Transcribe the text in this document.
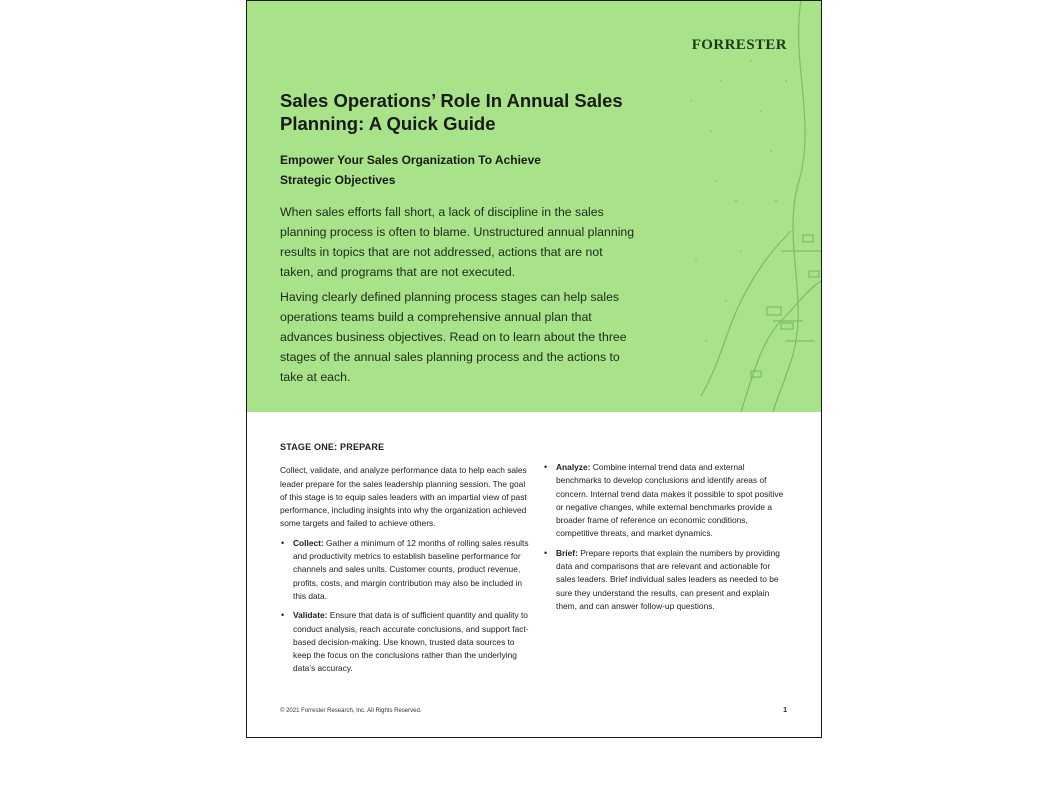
FORRESTER
Sales Operations’ Role In Annual Sales Planning: A Quick Guide
Empower Your Sales Organization To Achieve Strategic Objectives

When sales efforts fall short, a lack of discipline in the sales planning process is often to blame. Unstructured annual planning results in topics that are not addressed, actions that are not taken, and programs that are not executed.

Having clearly defined planning process stages can help sales operations teams build a comprehensive annual plan that advances business objectives. Read on to learn about the three stages of the annual sales planning process and the actions to take at each.

STAGE ONE: PREPARE

Collect, validate, and analyze performance data to help each sales leader prepare for the sales leadership planning session. The goal of this stage is to equip sales leaders with an impartial view of past performance, including insights into why the organization achieved some targets and failed to achieve others.

• Collect: Gather a minimum of 12 months of rolling sales results and productivity metrics to establish baseline performance for channels and sales units. Customer counts, product revenue, profits, costs, and margin contribution may also be included in this data.
• Validate: Ensure that data is of sufficient quantity and quality to conduct analysis, reach accurate conclusions, and support fact-based decision-making. Use known, trusted data sources to keep the focus on the conclusions rather than the underlying data’s accuracy.
• Analyze: Combine internal trend data and external benchmarks to develop conclusions and identify areas of concern. Internal trend data makes it possible to spot positive or negative changes, while external benchmarks provide a broader frame of reference on economic conditions, competitive threats, and market dynamics.
• Brief: Prepare reports that explain the numbers by providing data and comparisons that are relevant and actionable for sales leaders. Brief individual sales leaders as needed to be sure they understand the results, can present and explain them, and can answer follow-up questions.
© 2021 Forrester Research, Inc. All Rights Reserved.	1
